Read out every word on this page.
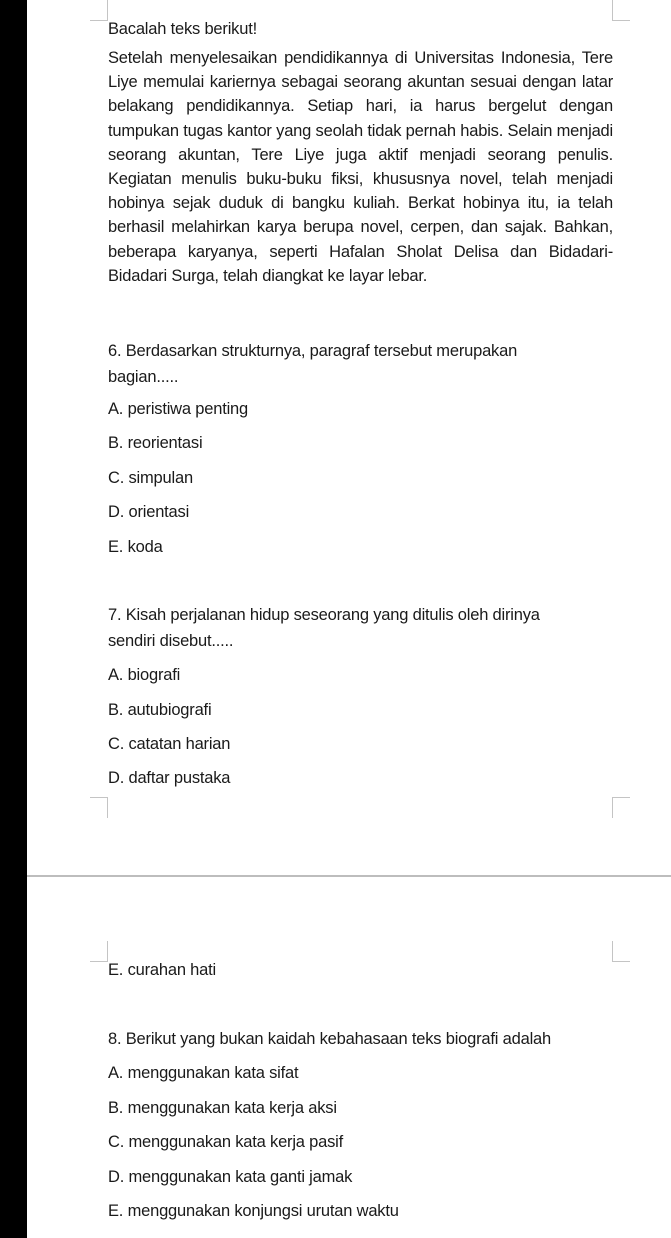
Bacalah teks berikut!
Setelah menyelesaikan pendidikannya di Universitas Indonesia, Tere Liye memulai kariernya sebagai seorang akuntan sesuai dengan latar belakang pendidikannya. Setiap hari, ia harus bergelut dengan tumpukan tugas kantor yang seolah tidak pernah habis. Selain menjadi seorang akuntan, Tere Liye juga aktif menjadi seorang penulis. Kegiatan menulis buku-buku fiksi, khususnya novel, telah menjadi hobinya sejak duduk di bangku kuliah. Berkat hobinya itu, ia telah berhasil melahirkan karya berupa novel, cerpen, dan sajak. Bahkan, beberapa karyanya, seperti Hafalan Sholat Delisa dan Bidadari-Bidadari Surga, telah diangkat ke layar lebar.
6. Berdasarkan strukturnya, paragraf tersebut merupakan
bagian.....
A. peristiwa penting
B. reorientasi
C. simpulan
D. orientasi
E. koda
7. Kisah perjalanan hidup seseorang yang ditulis oleh dirinya
sendiri disebut.....
A. biografi
B. autubiografi
C. catatan harian
D. daftar pustaka
E. curahan hati
8. Berikut yang bukan kaidah kebahasaan teks biografi adalah
A. menggunakan kata sifat
B. menggunakan kata kerja aksi
C. menggunakan kata kerja pasif
D. menggunakan kata ganti jamak
E. menggunakan konjungsi urutan waktu
